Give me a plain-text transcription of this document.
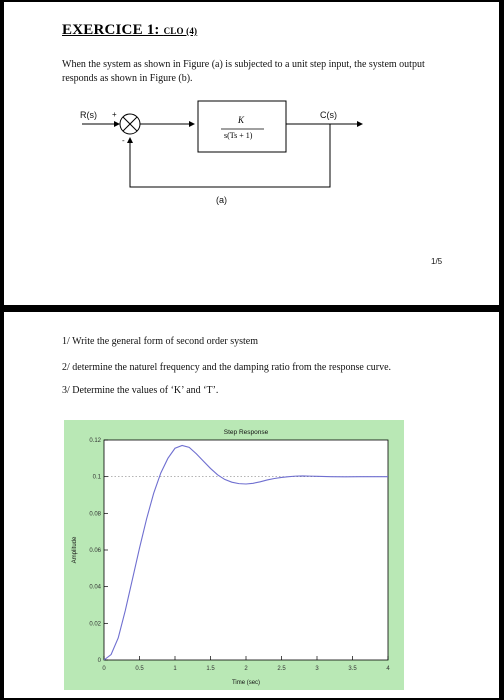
EXERCICE 1: CLO (4)
When the system as shown in Figure (a) is subjected to a unit step input, the system output responds as shown in Figure (b).
R(s) +
-
C(s)
K
s(Ts + 1)
(a)
1/5
1/ Write the general form of second order system
2/ determine the naturel frequency and the damping ratio from the response curve.
3/ Determine the values of ‘K’ and ‘T’.
0	0.5	1	1.5	2	2.5	3	3.5	4
0
0.02
0.04
0.06
0.08
0.1
0.12
Step Response
Time (sec)
Amplitude
